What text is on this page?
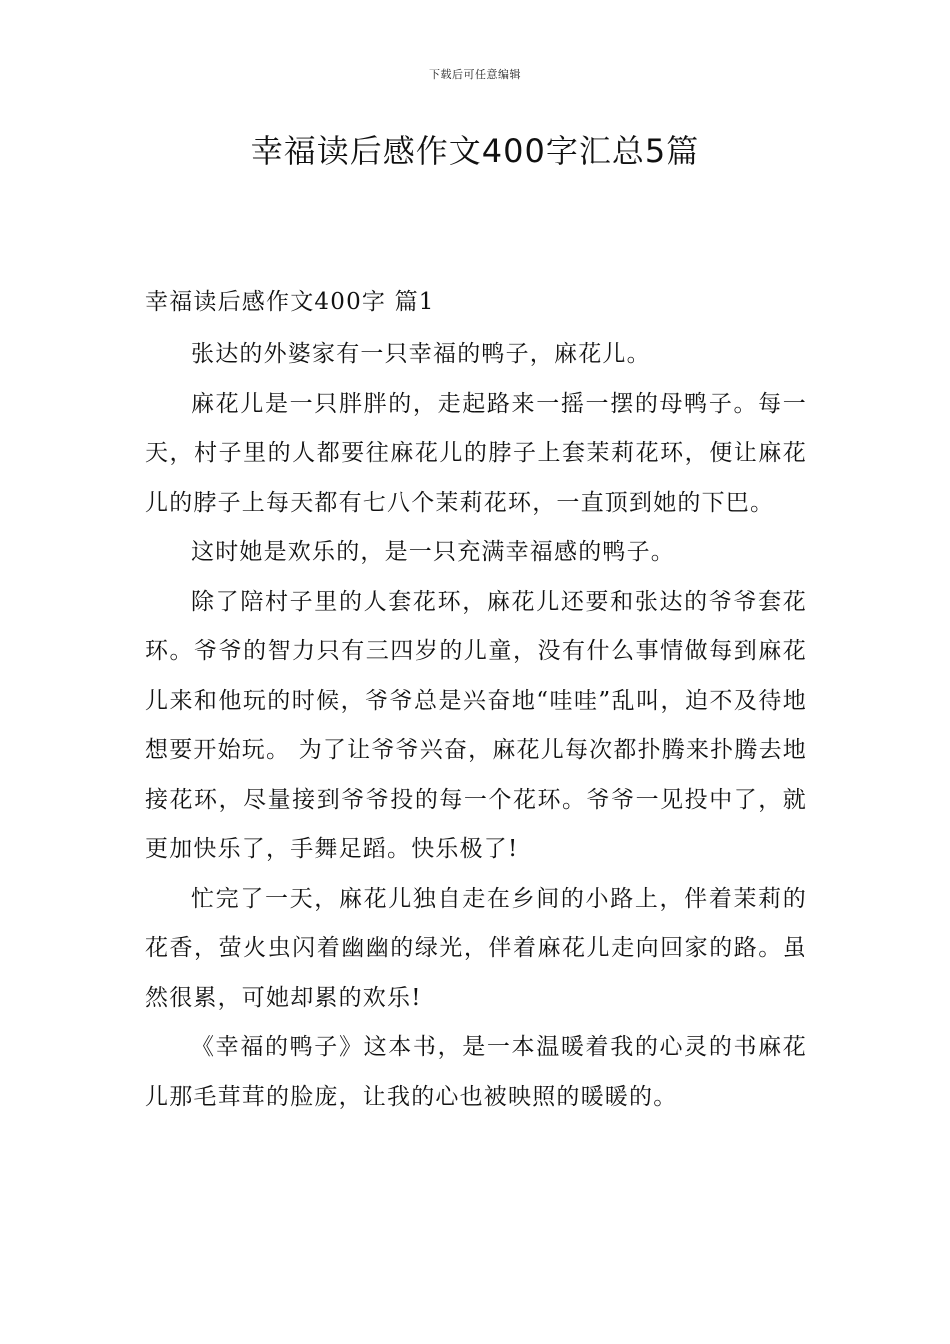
下载后可任意编辑
幸福读后感作文400字汇总5篇
幸福读后感作文400字 篇1

张达的外婆家有一只幸福的鸭子，麻花儿。

麻花儿是一只胖胖的，走起路来一摇一摆的母鸭子。每一天，村子里的人都要往麻花儿的脖子上套茉莉花环，便让麻花儿的脖子上每天都有七八个茉莉花环，一直顶到她的下巴。

这时她是欢乐的，是一只充满幸福感的鸭子。

除了陪村子里的人套花环，麻花儿还要和张达的爷爷套花环。爷爷的智力只有三四岁的儿童，没有什么事情做每到麻花儿来和他玩的时候，爷爷总是兴奋地“哇哇”乱叫，迫不及待地想要开始玩。 为了让爷爷兴奋，麻花儿每次都扑腾来扑腾去地接花环，尽量接到爷爷投的每一个花环。爷爷一见投中了，就更加快乐了，手舞足蹈。快乐极了!

忙完了一天，麻花儿独自走在乡间的小路上，伴着茉莉的花香，萤火虫闪着幽幽的绿光，伴着麻花儿走向回家的路。虽然很累，可她却累的欢乐!

《幸福的鸭子》这本书，是一本温暖着我的心灵的书麻花儿那毛茸茸的脸庞，让我的心也被映照的暖暖的。
